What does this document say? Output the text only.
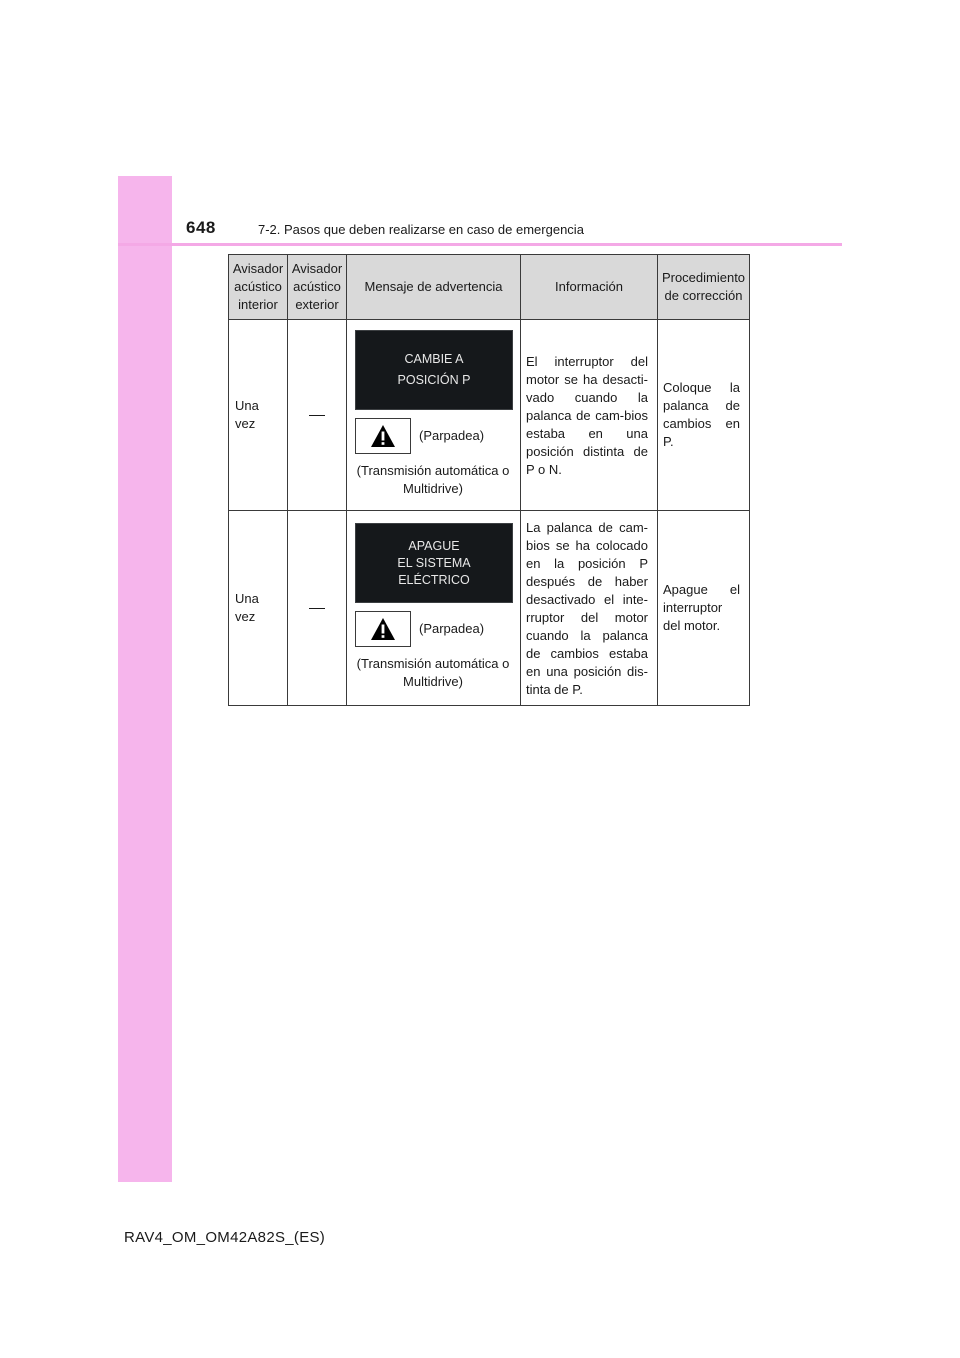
648	7-2. Pasos que deben realizarse en caso de emergencia
Avisador acústico interior	Avisador acústico exterior	Mensaje de advertencia	Información	Procedimiento de corrección
Una vez		CAMBIE A
POSICIÓN P
(Parpadea)
(Transmisión automática o Multidrive)	El interruptor del motor se ha desacti-vado cuando la palanca de cam-bios estaba en una posición distinta de P o N.	Coloque la palanca de cambios en P.
Una vez		APAGUE
EL SISTEMA
ELÉCTRICO
(Parpadea)
(Transmisión automática o Multidrive)	La palanca de cam-bios se ha colocado en la posición P después de haber desactivado el inte-rruptor del motor cuando la palanca de cambios estaba en una posición dis-tinta de P.	Apague el interruptor del motor.
RAV4_OM_OM42A82S_(ES)
